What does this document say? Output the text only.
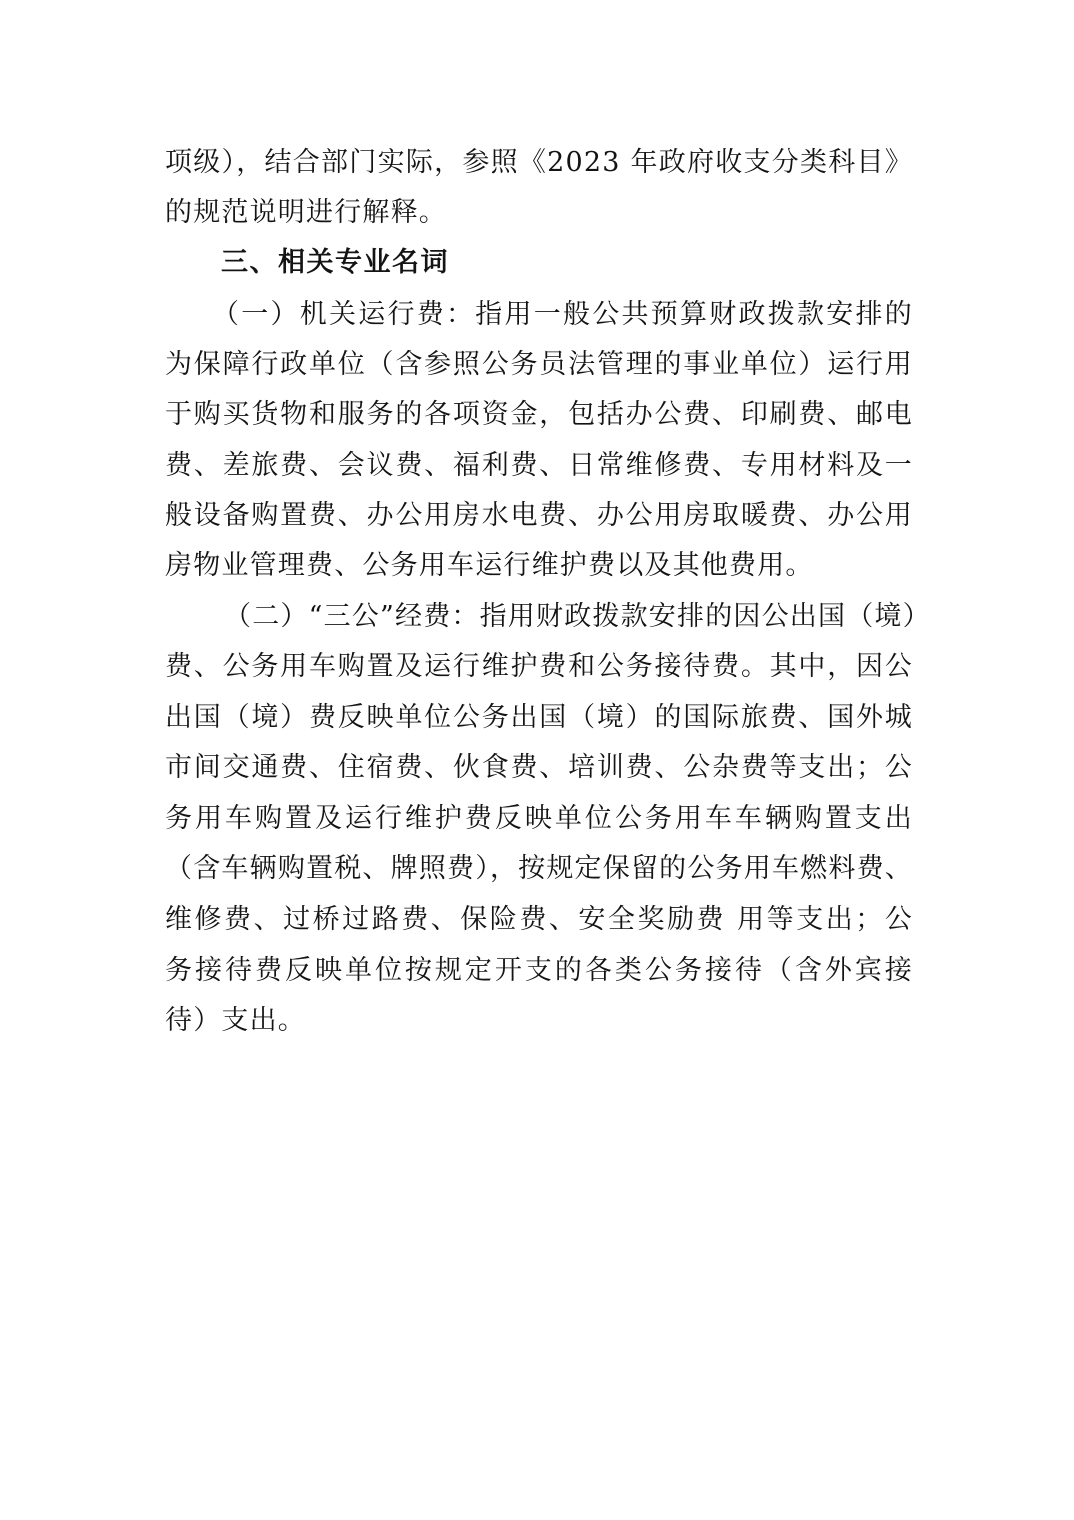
项级），结合部门实际，参照《2023 年政府收支分类科目》
的规范说明进行解释。
三、相关专业名词
（一）机关运行费：指用一般公共预算财政拨款安排的
为保障行政单位（含参照公务员法管理的事业单位）运行用
于购买货物和服务的各项资金，包括办公费、印刷费、邮电
费、差旅费、会议费、福利费、日常维修费、专用材料及一
般设备购置费、办公用房水电费、办公用房取暖费、办公用
房物业管理费、公务用车运行维护费以及其他费用。
（二）“三公”经费：指用财政拨款安排的因公出国（境）
费、公务用车购置及运行维护费和公务接待费。其中，因公
出国（境）费反映单位公务出国（境）的国际旅费、国外城
市间交通费、住宿费、伙食费、培训费、公杂费等支出；公
务用车购置及运行维护费反映单位公务用车车辆购置支出
（含车辆购置税、牌照费），按规定保留的公务用车燃料费、
维修费、过桥过路费、保险费、安全奖励费 用等支出；公
务接待费反映单位按规定开支的各类公务接待（含外宾接
待）支出。
